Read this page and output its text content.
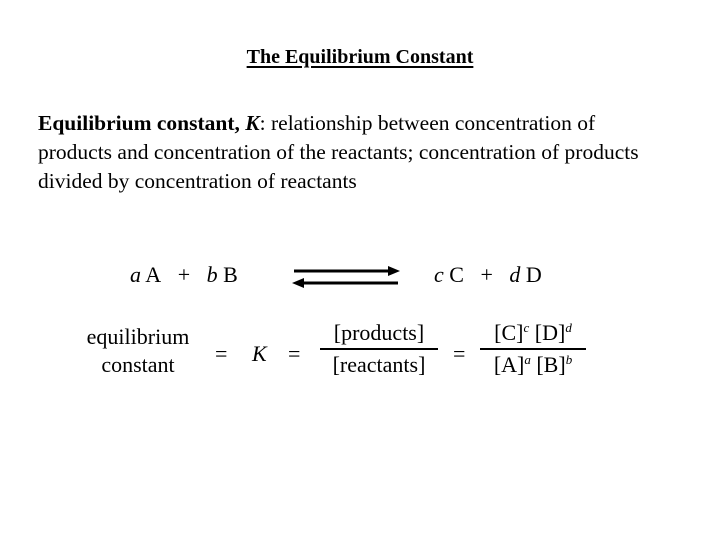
The Equilibrium Constant
Equilibrium constant, K: relationship between concentration of
products and concentration of the reactants; concentration of products
divided by concentration of reactants
a A + b B	c C + d D
equilibrium
constant	= K =
[products]
[reactants]	=
$[C]^c$ $[D]^d$
$[A]^a$ $[B]^b$
